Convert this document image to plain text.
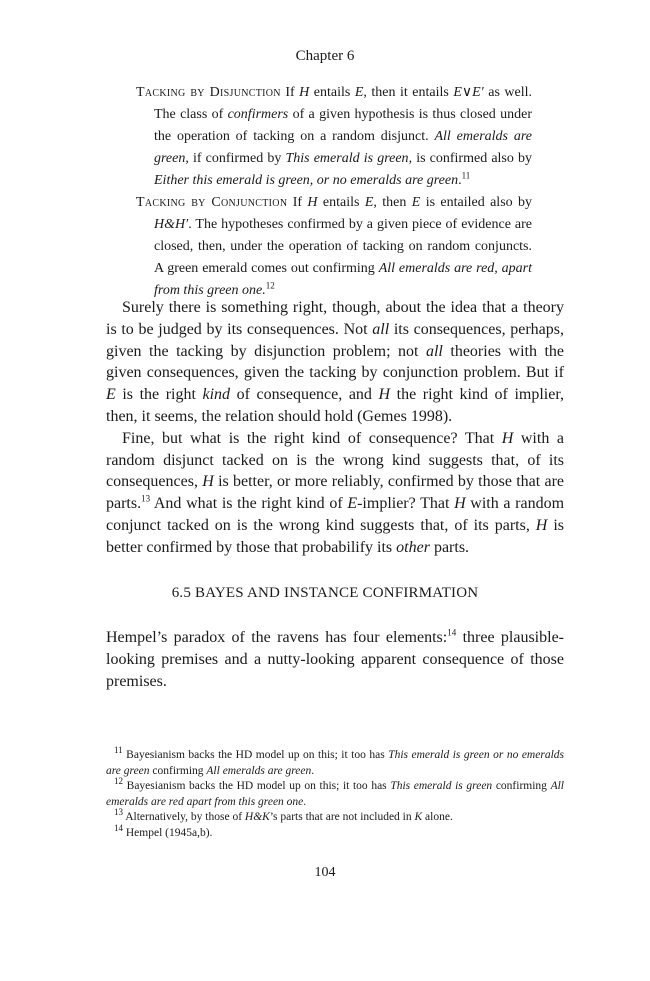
Chapter 6

Tacking by Disjunction If H entails E, then it entails E∨E′ as well. The class of confirmers of a given hypothesis is thus closed under the operation of tacking on a random disjunct. All emeralds are green, if confirmed by This emerald is green, is confirmed also by Either this emerald is green, or no emeralds are green.$^{11}$

Tacking by Conjunction If H entails E, then E is entailed also by H&H′. The hypotheses confirmed by a given piece of evidence are closed, then, under the operation of tacking on random conjuncts. A green emerald comes out confirming All emeralds are red, apart from this green one.$^{12}$

Surely there is something right, though, about the idea that a theory is to be judged by its consequences. Not all its consequences, perhaps, given the tacking by disjunction problem; not all theories with the given consequences, given the tacking by conjunction problem. But if E is the right kind of consequence, and H the right kind of implier, then, it seems, the relation should hold (Gemes 1998).

Fine, but what is the right kind of consequence? That H with a random disjunct tacked on is the wrong kind suggests that, of its consequences, H is better, or more reliably, confirmed by those that are parts.$^{13}$ And what is the right kind of E-implier? That H with a random conjunct tacked on is the wrong kind suggests that, of its parts, H is better confirmed by those that probabilify its other parts.

6.5 BAYES AND INSTANCE CONFIRMATION

Hempel’s paradox of the ravens has four elements:$^{14}$ three plausible-looking premises and a nutty-looking apparent consequence of those premises.

$^{11}$ Bayesianism backs the HD model up on this; it too has This emerald is green or no emeralds are green confirming All emeralds are green.

$^{12}$ Bayesianism backs the HD model up on this; it too has This emerald is green confirming All emeralds are red apart from this green one.

$^{13}$ Alternatively, by those of H&K’s parts that are not included in K alone.

$^{14}$ Hempel (1945a,b).

104
